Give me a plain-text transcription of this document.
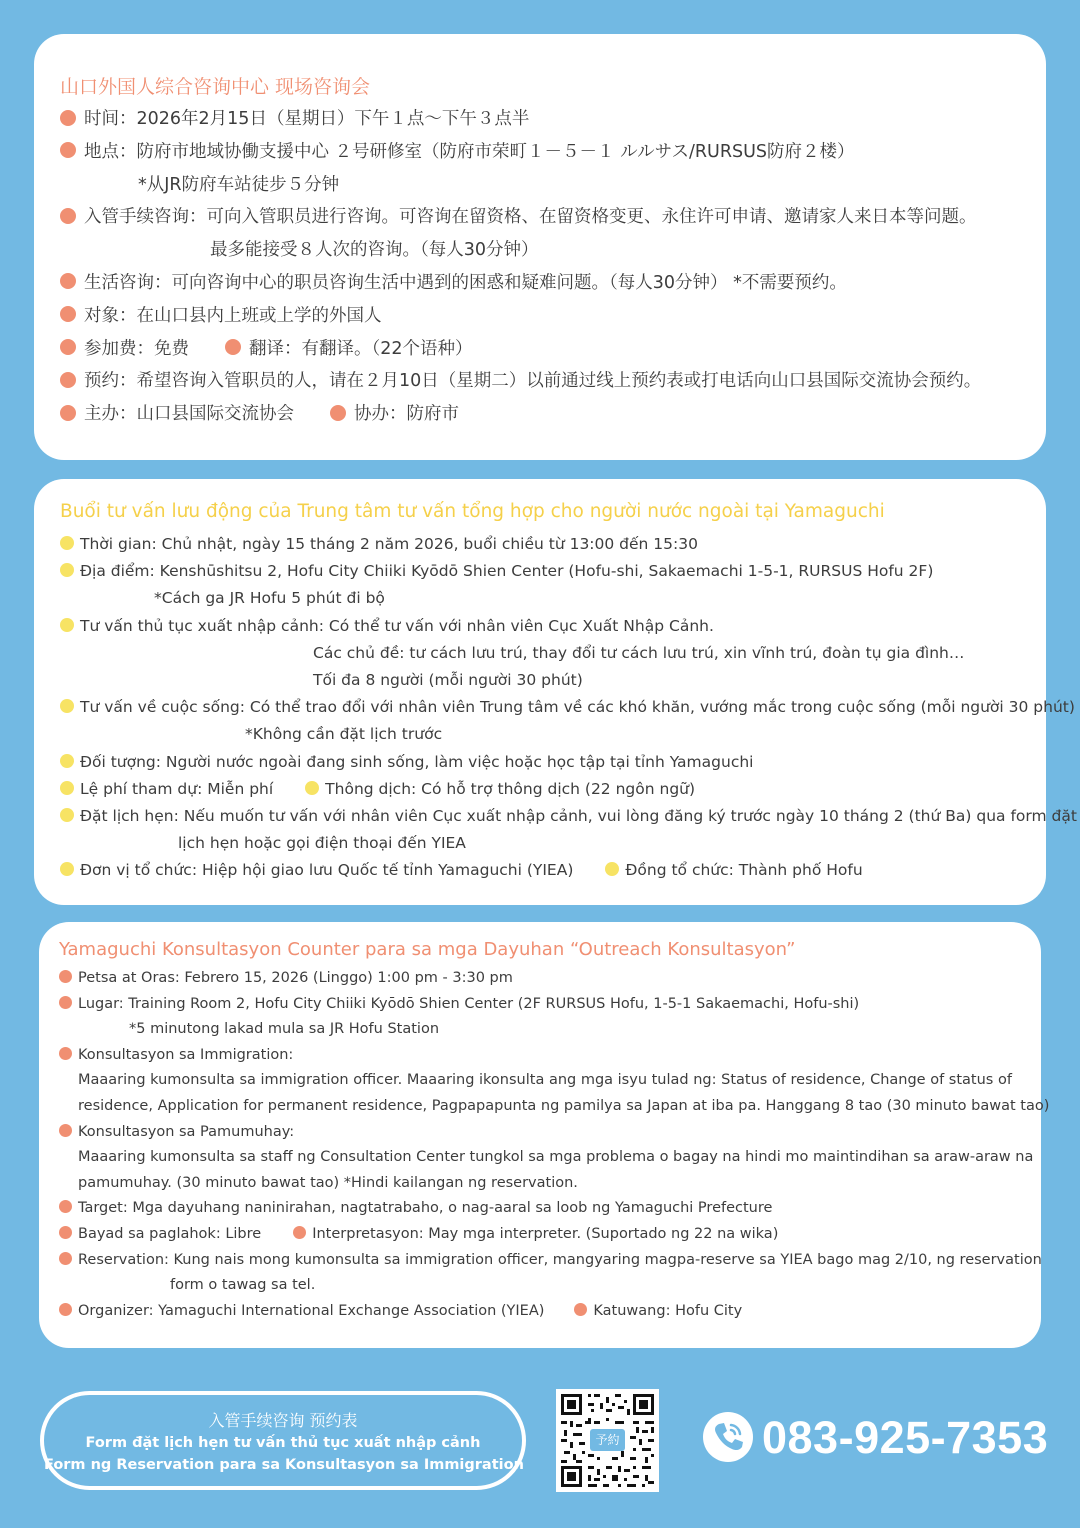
山口外国人综合咨询中心 现场咨询会
时间：2026年2月15日（星期日）下午１点～下午３点半
地点：防府市地域协働支援中心 ２号研修室（防府市荣町１－５－１ ルルサス/RURSUS防府２楼）
*从JR防府车站徒步５分钟
入管手续咨询：可向入管职员进行咨询。可咨询在留资格、在留资格变更、永住许可申请、邀请家人来日本等问题。
最多能接受８人次的咨询。（每人30分钟）
生活咨询：可向咨询中心的职员咨询生活中遇到的困惑和疑难问题。（每人30分钟） *不需要预约。
对象：在山口县内上班或上学的外国人
参加费：免费	翻译：有翻译。（22个语种）
预约：希望咨询入管职员的人，请在２月10日（星期二）以前通过线上预约表或打电话向山口县国际交流协会预约。
主办：山口县国际交流协会	协办：防府市
Buổi tư vấn lưu động của Trung tâm tư vấn tổng hợp cho người nước ngoài tại Yamaguchi
Thời gian: Chủ nhật, ngày 15 tháng 2 năm 2026, buổi chiều từ 13:00 đến 15:30
Địa điểm: Kenshūshitsu 2, Hofu City Chiiki Kyōdō Shien Center (Hofu-shi, Sakaemachi 1-5-1, RURSUS Hofu 2F)
*Cách ga JR Hofu 5 phút đi bộ
Tư vấn thủ tục xuất nhập cảnh: Có thể tư vấn với nhân viên Cục Xuất Nhập Cảnh.
Các chủ đề: tư cách lưu trú, thay đổi tư cách lưu trú, xin vĩnh trú, đoàn tụ gia đình…
Tối đa 8 người (mỗi người 30 phút)
Tư vấn về cuộc sống: Có thể trao đổi với nhân viên Trung tâm về các khó khăn, vướng mắc trong cuộc sống (mỗi người 30 phút)
*Không cần đặt lịch trước
Đối tượng: Người nước ngoài đang sinh sống, làm việc hoặc học tập tại tỉnh Yamaguchi
Lệ phí tham dự: Miễn phí	Thông dịch: Có hỗ trợ thông dịch (22 ngôn ngữ)
Đặt lịch hẹn: Nếu muốn tư vấn với nhân viên Cục xuất nhập cảnh, vui lòng đăng ký trước ngày 10 tháng 2 (thứ Ba) qua form đặt
lịch hẹn hoặc gọi điện thoại đến YIEA
Đơn vị tổ chức: Hiệp hội giao lưu Quốc tế tỉnh Yamaguchi (YIEA)	Đồng tổ chức: Thành phố Hofu
Yamaguchi Konsultasyon Counter para sa mga Dayuhan “Outreach Konsultasyon”
Petsa at Oras: Febrero 15, 2026 (Linggo) 1:00 pm - 3:30 pm
Lugar: Training Room 2, Hofu City Chiiki Kyōdō Shien Center (2F RURSUS Hofu, 1-5-1 Sakaemachi, Hofu-shi)
*5 minutong lakad mula sa JR Hofu Station
Konsultasyon sa Immigration:
Maaaring kumonsulta sa immigration officer. Maaaring ikonsulta ang mga isyu tulad ng: Status of residence, Change of status of
residence, Application for permanent residence, Pagpapapunta ng pamilya sa Japan at iba pa. Hanggang 8 tao (30 minuto bawat tao)
Konsultasyon sa Pamumuhay:
Maaaring kumonsulta sa staff ng Consultation Center tungkol sa mga problema o bagay na hindi mo maintindihan sa araw-araw na
pamumuhay. (30 minuto bawat tao) *Hindi kailangan ng reservation.
Target: Mga dayuhang naninirahan, nagtatrabaho, o nag-aaral sa loob ng Yamaguchi Prefecture
Bayad sa paglahok: Libre	Interpretasyon: May mga interpreter. (Suportado ng 22 na wika)
Reservation: Kung nais mong kumonsulta sa immigration officer, mangyaring magpa-reserve sa YIEA bago mag 2/10, ng reservation
form o tawag sa tel.
Organizer: Yamaguchi International Exchange Association (YIEA)	Katuwang: Hofu City
入管手续咨询 预约表
Form đặt lịch hẹn tư vấn thủ tục xuất nhập cảnh
Form ng Reservation para sa Konsultasyon sa Immigration
予約	083-925-7353
